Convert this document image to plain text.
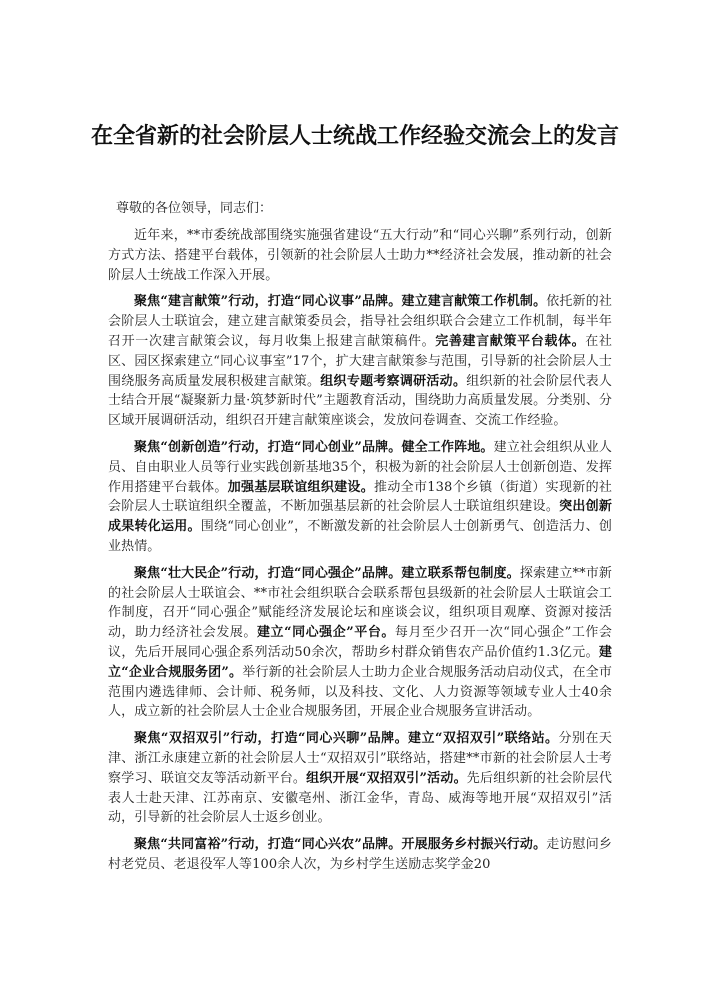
在全省新的社会阶层人士统战工作经验交流会上的发言

尊敬的各位领导，同志们：

近年来，**市委统战部围绕实施强省建设“五大行动”和“同心兴聊”系列行动，创新方式方法、搭建平台载体，引领新的社会阶层人士助力**经济社会发展，推动新的社会阶层人士统战工作深入开展。

聚焦“建言献策”行动，打造“同心议事”品牌。建立建言献策工作机制。依托新的社会阶层人士联谊会，建立建言献策委员会，指导社会组织联合会建立工作机制，每半年召开一次建言献策会议，每月收集上报建言献策稿件。完善建言献策平台载体。在社区、园区探索建立“同心议事室”17个，扩大建言献策参与范围，引导新的社会阶层人士围绕服务高质量发展积极建言献策。组织专题考察调研活动。组织新的社会阶层代表人士结合开展“凝聚新力量·筑梦新时代”主题教育活动，围绕助力高质量发展。分类别、分区域开展调研活动，组织召开建言献策座谈会，发放问卷调查、交流工作经验。

聚焦“创新创造”行动，打造“同心创业”品牌。健全工作阵地。建立社会组织从业人员、自由职业人员等行业实践创新基地35个，积极为新的社会阶层人士创新创造、发挥作用搭建平台载体。加强基层联谊组织建设。推动全市138个乡镇（街道）实现新的社会阶层人士联谊组织全覆盖，不断加强基层新的社会阶层人士联谊组织建设。突出创新成果转化运用。围绕“同心创业”，不断激发新的社会阶层人士创新勇气、创造活力、创业热情。

聚焦“壮大民企”行动，打造“同心强企”品牌。建立联系帮包制度。探索建立**市新的社会阶层人士联谊会、**市社会组织联合会联系帮包县级新的社会阶层人士联谊会工作制度，召开“同心强企”赋能经济发展论坛和座谈会议，组织项目观摩、资源对接活动，助力经济社会发展。建立“同心强企”平台。每月至少召开一次“同心强企”工作会议，先后开展同心强企系列活动50余次，帮助乡村群众销售农产品价值约1.3亿元。建立“企业合规服务团”。举行新的社会阶层人士助力企业合规服务活动启动仪式，在全市范围内遴选律师、会计师、税务师，以及科技、文化、人力资源等领域专业人士40余人，成立新的社会阶层人士企业合规服务团，开展企业合规服务宣讲活动。

聚焦“双招双引”行动，打造“同心兴聊”品牌。建立“双招双引”联络站。分别在天津、浙江永康建立新的社会阶层人士“双招双引”联络站，搭建**市新的社会阶层人士考察学习、联谊交友等活动新平台。组织开展“双招双引”活动。先后组织新的社会阶层代表人士赴天津、江苏南京、安徽亳州、浙江金华，青岛、威海等地开展“双招双引”活动，引导新的社会阶层人士返乡创业。

聚焦“共同富裕”行动，打造“同心兴农”品牌。开展服务乡村振兴行动。走访慰问乡村老党员、老退役军人等100余人次，为乡村学生送励志奖学金20
